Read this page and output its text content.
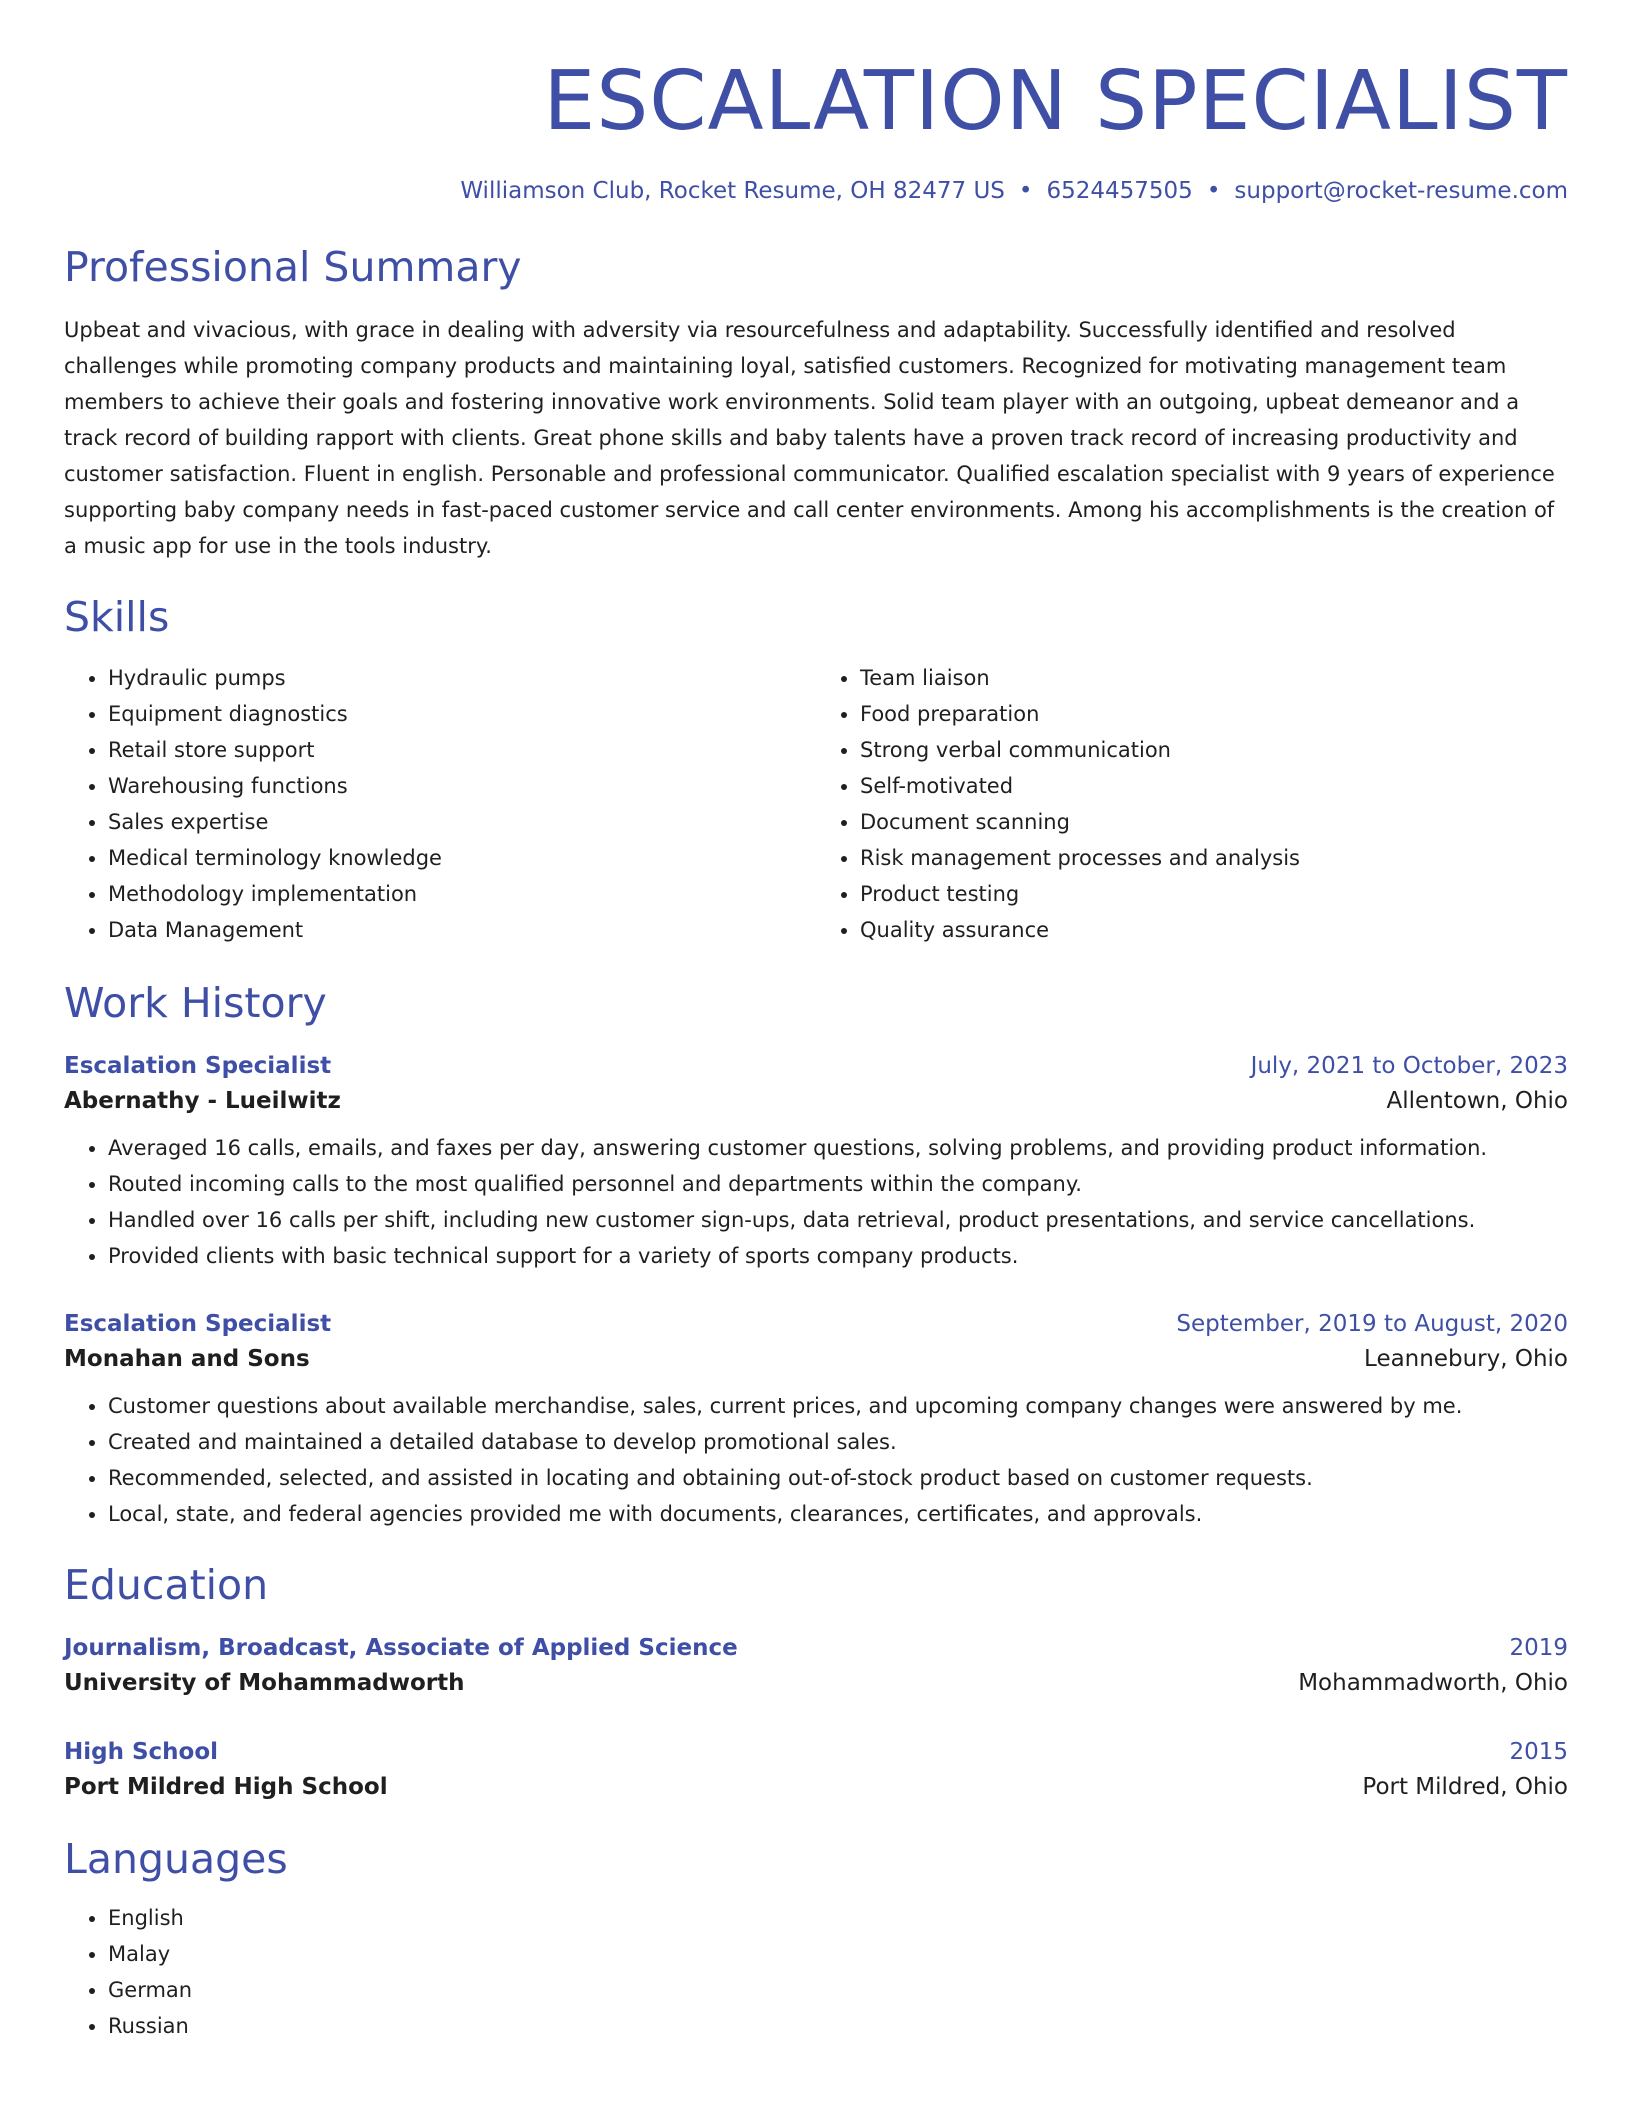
ESCALATION SPECIALIST
Williamson Club, Rocket Resume, OH 82477 US • 6524457505 • support@rocket-resume.com
Professional Summary
Upbeat and vivacious, with grace in dealing with adversity via resourcefulness and adaptability. Successfully identified and resolved challenges while promoting company products and maintaining loyal, satisfied customers. Recognized for motivating management team members to achieve their goals and fostering innovative work environments. Solid team player with an outgoing, upbeat demeanor and a track record of building rapport with clients. Great phone skills and baby talents have a proven track record of increasing productivity and customer satisfaction. Fluent in english. Personable and professional communicator. Qualified escalation specialist with 9 years of experience supporting baby company needs in fast-paced customer service and call center environments. Among his accomplishments is the creation of a music app for use in the tools industry.
Skills
• Hydraulic pumps
• Equipment diagnostics
• Retail store support
• Warehousing functions
• Sales expertise
• Medical terminology knowledge
• Methodology implementation
• Data Management
• Team liaison
• Food preparation
• Strong verbal communication
• Self-motivated
• Document scanning
• Risk management processes and analysis
• Product testing
• Quality assurance
Work History
Escalation Specialist	July, 2021 to October, 2023
Abernathy - Lueilwitz	Allentown, Ohio
• Averaged 16 calls, emails, and faxes per day, answering customer questions, solving problems, and providing product information.
• Routed incoming calls to the most qualified personnel and departments within the company.
• Handled over 16 calls per shift, including new customer sign-ups, data retrieval, product presentations, and service cancellations.
• Provided clients with basic technical support for a variety of sports company products.
Escalation Specialist	September, 2019 to August, 2020
Monahan and Sons	Leannebury, Ohio
• Customer questions about available merchandise, sales, current prices, and upcoming company changes were answered by me.
• Created and maintained a detailed database to develop promotional sales.
• Recommended, selected, and assisted in locating and obtaining out-of-stock product based on customer requests.
• Local, state, and federal agencies provided me with documents, clearances, certificates, and approvals.
Education
Journalism, Broadcast, Associate of Applied Science	2019
University of Mohammadworth	Mohammadworth, Ohio
High School	2015
Port Mildred High School	Port Mildred, Ohio
Languages
• English
• Malay
• German
• Russian
